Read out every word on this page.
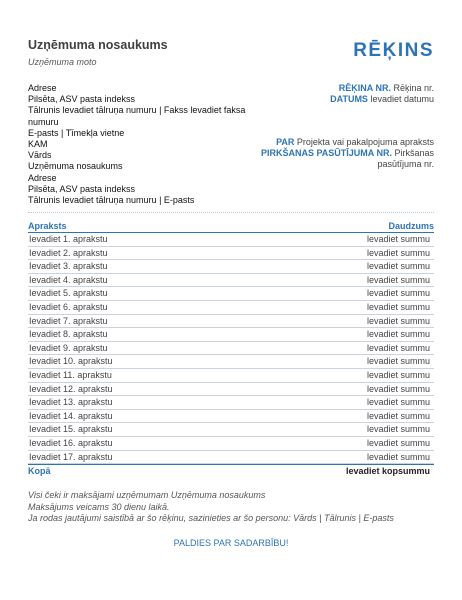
Uzņēmuma nosaukums
Uzņēmuma moto
RĒĶINS
Adrese
Pilsēta, ASV pasta indekss
Tālrunis levadiet tālruņa numuru | Fakss levadiet faksa numuru
E-pasts | Tīmekļa vietne
KAM
Vārds
Uzņēmuma nosaukums
Adrese
Pilsēta, ASV pasta indekss
Tālrunis levadiet tālruņa numuru | E-pasts
RĒĶINA NR. Rēķina nr.
DATUMS levadiet datumu
PAR Projekta vai pakalpojuma apraksts
PIRKŠANAS PASŪTĪJUMA NR. Pirkšanas pasūtījuma nr.
Apraksts	Daudzums
Ievadiet 1. aprakstu	levadiet summu
Ievadiet 2. aprakstu	levadiet summu
Ievadiet 3. aprakstu	levadiet summu
Ievadiet 4. aprakstu	levadiet summu
Ievadiet 5. aprakstu	levadiet summu
Ievadiet 6. aprakstu	levadiet summu
Ievadiet 7. aprakstu	levadiet summu
Ievadiet 8. aprakstu	levadiet summu
Ievadiet 9. aprakstu	levadiet summu
Ievadiet 10. aprakstu	levadiet summu
Ievadiet 11. aprakstu	levadiet summu
Ievadiet 12. aprakstu	levadiet summu
Ievadiet 13. aprakstu	levadiet summu
Ievadiet 14. aprakstu	levadiet summu
Ievadiet 15. aprakstu	levadiet summu
Ievadiet 16. aprakstu	levadiet summu
Ievadiet 17. aprakstu	levadiet summu
Kopā	levadiet kopsummu
Visi čeki ir maksājami uzņēmumam Uzņēmuma nosaukums
Maksājums veicams 30 dienu laikā.
Ja rodas jautājumi saistībā ar šo rēķinu, sazinieties ar šo personu: Vārds | Tālrunis | E-pasts
PALDIES PAR SADARBĪBU!
